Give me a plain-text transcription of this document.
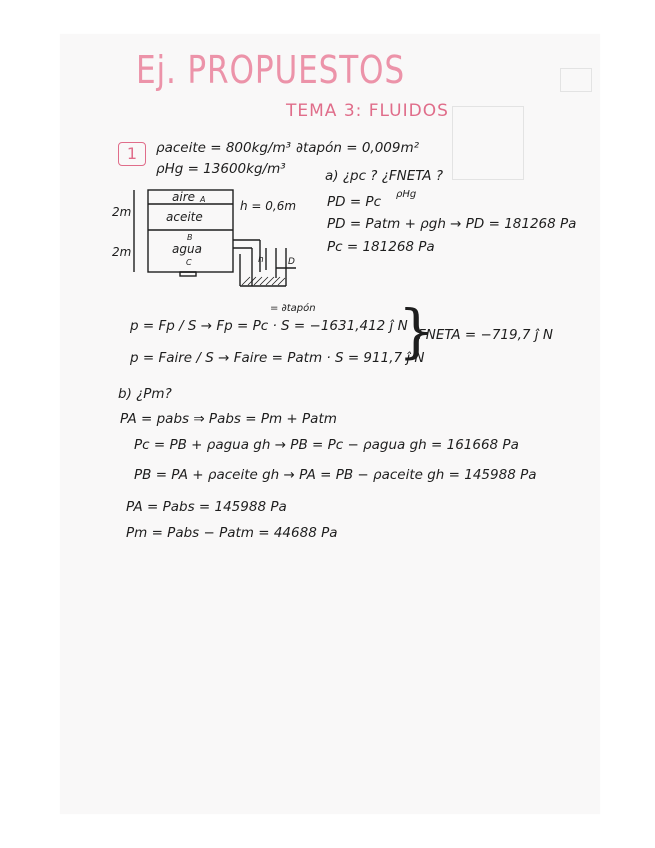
Ej. PROPUESTOS
TEMA 3: FLUIDOS
1	ρaceite = 800kg/m³
ρHg = 13600kg/m³
∂tapón = 0,009m²
aire A
aceite
B
agua
C
2m
2m
h = 0,6m
h	D
a) ¿pc ? ¿FNETA ?
ρHg
PD = Pc
PD = Patm + ρgh → PD = 181268 Pa
Pc = 181268 Pa
= ∂tapón
p = Fp / S → Fp = Pc · S = −1631,412 ĵ N
p = Faire / S → Faire = Patm · S = 911,7 ĵ N
}
FNETA = −719,7 ĵ N
b) ¿Pm?
PA = pabs ⇒ Pabs = Pm + Patm
Pc = PB + ρagua gh → PB = Pc − ρagua gh = 161668 Pa
PB = PA + ρaceite gh → PA = PB − ρaceite gh = 145988 Pa
PA = Pabs = 145988 Pa
Pm = Pabs − Patm = 44688 Pa
